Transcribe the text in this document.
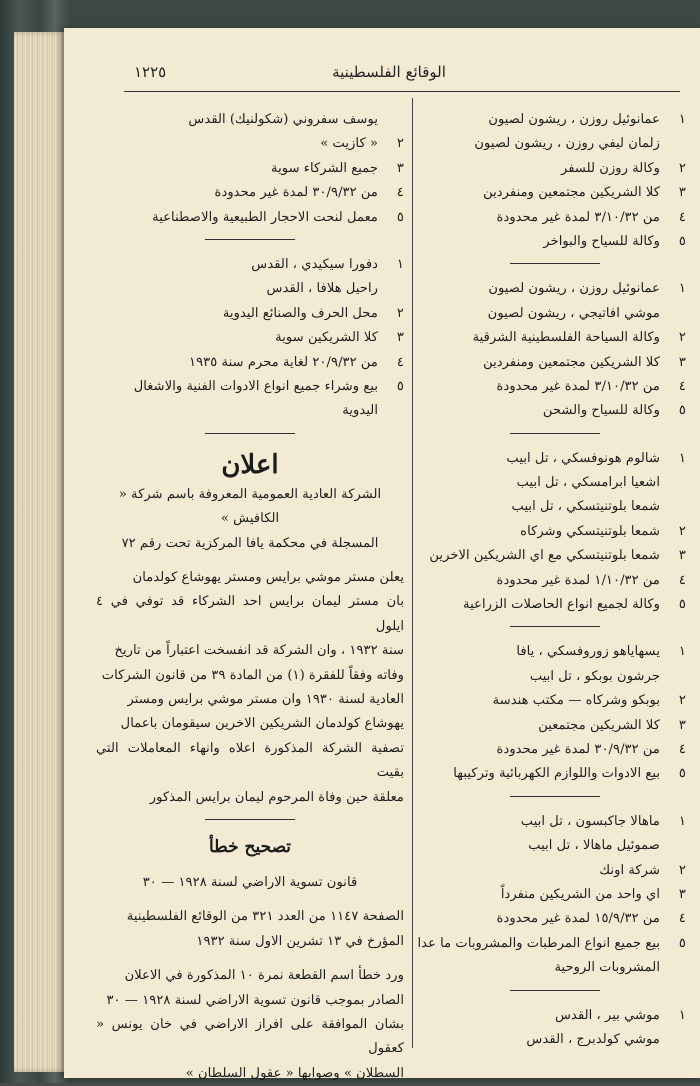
١٢٢٥	الوقائع الفلسطينية
١
عمانوئيل روزن ، ريشون لصيون
زلمان ليفي روزن ، ريشون لصيون
٢
وكالة روزن للسفر
٣
كلا الشريكين مجتمعين ومنفردين
٤
من ٣/١٠/٣٢ لمدة غير محدودة
٥
وكالة للسياح والبواخر
١
عمانوئيل روزن ، ريشون لصيون
موشي افاتيجي ، ريشون لصيون
٢
وكالة السياحة الفلسطينية الشرقية
٣
كلا الشريكين مجتمعين ومنفردين
٤
من ٣/١٠/٣٢ لمدة غير محدودة
٥
وكالة للسياح والشحن
١
شالوم هونوفسكي ، تل ابيب
اشعيا ابرامسكي ، تل ابيب
شمعا بلوتنيتسكي ، تل ابيب
٢
شمعا بلوتنيتسكي وشركاه
٣
شمعا بلوتنيتسكي مع اي الشريكين الاخرين
٤
من ١/١٠/٣٢ لمدة غير محدودة
٥
وكالة لجميع انواع الحاصلات الزراعية
١
يسهاياهو زوروفسكي ، يافا
جرشون بوبكو ، تل ابيب
٢
بوبكو وشركاه — مكتب هندسة
٣
كلا الشريكين مجتمعين
٤
من ٣٠/٩/٣٢ لمدة غير محدودة
٥
بيع الادوات واللوازم الكهربائية وتركيبها
١
ماهالا جاكبسون ، تل ابيب
صموئيل ماهالا ، تل ابيب
٢
شركة اونك
٣
اي واحد من الشريكين منفرداً
٤
من ١٥/٩/٣٢ لمدة غير محدودة
٥
بيع جميع انواع المرطبات والمشروبات ما عدا
المشروبات الروحية
١
موشي بير ، القدس
موشي كولدبرج ، القدس
يوسف سفروني (شكولنيك) القدس
٢
« كازيت »
٣
جميع الشركاء سوية
٤
من ٣٠/٩/٣٢ لمدة غير محدودة
٥
معمل لنحت الاحجار الطبيعية والاصطناعية
١
دفورا سيكيدي ، القدس
راحيل هلافا ، القدس
٢
محل الحرف والصنائع اليدوية
٣
كلا الشريكين سوية
٤
من ٢٠/٩/٣٢ لغاية محرم سنة ١٩٣٥
٥
بيع وشراء جميع انواع الادوات الفنية والاشغال
اليدوية
اعلان
الشركة العادية العمومية المعروفة باسم شركة « الكافيش »
المسجلة في محكمة يافا المركزية تحت رقم ٧٢
يعلن مستر موشي برايس ومستر يهوشاع كولدمان
بان مستر ليمان برايس احد الشركاء قد توفي في ٤ ايلول
سنة ١٩٣٢ ، وان الشركة قد انفسخت اعتباراً من تاريخ
وفاته وفقاً للفقرة (١) من المادة ٣٩ من قانون الشركات
العادية لسنة ١٩٣٠ وان مستر موشي برايس ومستر
يهوشاع كولدمان الشريكين الاخرين سيقومان باعمال
تصفية الشركة المذكورة اعلاه وانهاء المعاملات التي بقيت
معلقة حين وفاة المرحوم ليمان برايس المذكور
تصحيح خطأ
قانون تسوية الاراضي لسنة ١٩٢٨ — ٣٠
الصفحة ١١٤٧ من العدد ٣٢١ من الوقائع الفلسطينية
المؤرخ في ١٣ تشرين الاول سنة ١٩٣٢
ورد خطأ اسم القطعة نمرة ١٠ المذكورة في الاعلان
الصادر بموجب قانون تسوية الاراضي لسنة ١٩٢٨ — ٣٠
بشان الموافقة على افراز الاراضي في خان يونس « كعقول
السطلان » وصوابها « عقول السلطان »
